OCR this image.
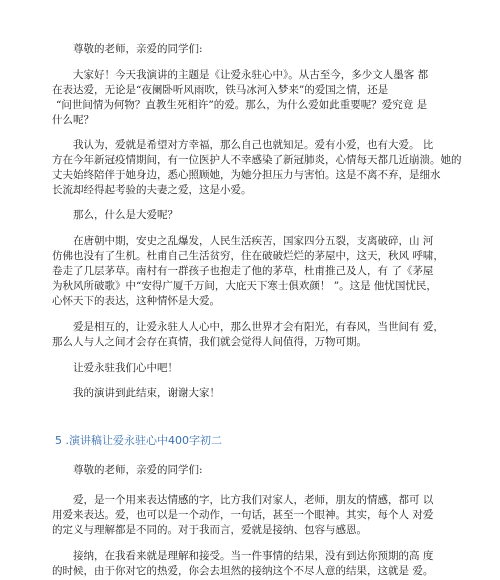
尊敬的老师，亲爱的同学们:
大家好！今天我演讲的主题是《让爱永驻心中》。从古至今，多少文人墨客 都
在表达爱，无论是“夜阑卧听风雨吹，铁马冰河入梦来”的爱国之情，还是
“问世间情为何物？直教生死相许”的爱。那么，为什么爱如此重要呢？爱究竟 是
什么呢？
我认为，爱就是希望对方幸福，那么自己也就知足。爱有小爱，也有大爱。 比
方在今年新冠疫情期间，有一位医护人不幸感染了新冠肺炎，心情每天都几近崩溃。她的
丈夫始终陪伴于她身边，悉心照顾她，为她分担压力与害怕。这是不离不弃，是细水
长流却经得起考验的夫妻之爱，这是小爱。
那么，什么是大爱呢？
在唐朝中期，安史之乱爆发，人民生活疾苦，国家四分五裂，支离破碎，山 河
仿佛也没有了生机。杜甫自己生活贫穷，住在破破烂烂的茅屋中，这天，秋风 呼啸，
卷走了几层茅草。南村有一群孩子也抱走了他的茅草，杜甫推己及人，有 了《茅屋
为秋风所破歌》中“安得广厦千万间，大庇天下寒士俱欢颜！ ”。这是 他忧国忧民，
心怀天下的表达，这种情怀是大爱。
爱是相互的，让爱永驻人人心中，那么世界才会有阳光，有春风，当世间有 爱，
那么人与人之间才会存在真情，我们就会觉得人间值得，万物可期。
让爱永驻我们心中吧！
我的演讲到此结束，谢谢大家！
5 .演讲稿让爱永驻心中400字初二
尊敬的老师，亲爱的同学们:
爱，是一个用来表达情感的字，比方我们对家人，老师，朋友的情感，都可 以
用爱来表达。爱，也可以是一个动作，一句话，甚至一个眼神。其实，每个人 对爱
的定义与理解都是不同的。对于我而言，爱就是接纳、包容与感恩。
接纳，在我看来就是理解和接受。当一件事情的结果，没有到达你预期的高 度
的时候，由于你对它的热爱，你会去坦然的接纳这个不尽人意的结果，这就是 爱。
